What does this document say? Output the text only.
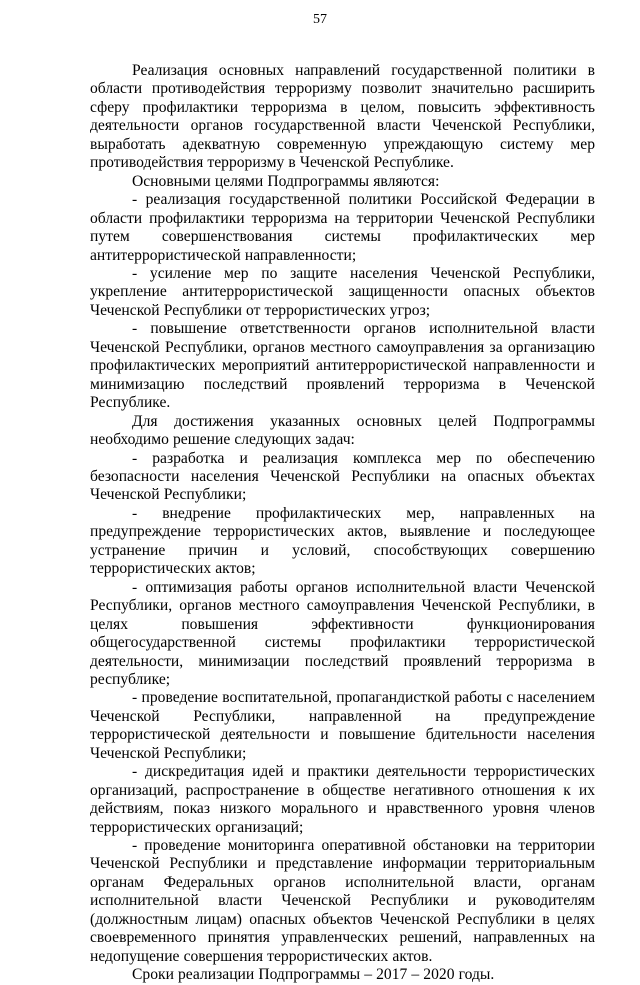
57

Реализация основных направлений государственной политики в области противодействия терроризму позволит значительно расширить сферу профилактики терроризма в целом, повысить эффективность деятельности органов государственной власти Чеченской Республики, выработать адекватную современную упреждающую систему мер противодействия терроризму в Чеченской Республике.

Основными целями Подпрограммы являются:

- реализация государственной политики Российской Федерации в области профилактики терроризма на территории Чеченской Республики путем совершенствования системы профилактических мер антитеррористической направленности;

- усиление мер по защите населения Чеченской Республики, укрепление антитеррористической защищенности опасных объектов Чеченской Республики от террористических угроз;

- повышение ответственности органов исполнительной власти Чеченской Республики, органов местного самоуправления за организацию профилактических мероприятий антитеррористической направленности и минимизацию последствий проявлений терроризма в Чеченской Республике.

Для достижения указанных основных целей Подпрограммы необходимо решение следующих задач:

- разработка и реализация комплекса мер по обеспечению безопасности населения Чеченской Республики на опасных объектах Чеченской Республики;

- внедрение профилактических мер, направленных на предупреждение террористических актов, выявление и последующее устранение причин и условий, способствующих совершению террористических актов;

- оптимизация работы органов исполнительной власти Чеченской Республики, органов местного самоуправления Чеченской Республики, в целях повышения эффективности функционирования общегосударственной системы профилактики террористической деятельности, минимизации последствий проявлений терроризма в республике;

- проведение воспитательной, пропагандисткой работы с населением Чеченской Республики, направленной на предупреждение террористической деятельности и повышение бдительности населения Чеченской Республики;

- дискредитация идей и практики деятельности террористических организаций, распространение в обществе негативного отношения к их действиям, показ низкого морального и нравственного уровня членов террористических организаций;

- проведение мониторинга оперативной обстановки на территории Чеченской Республики и представление информации территориальным органам Федеральных органов исполнительной власти, органам исполнительной власти Чеченской Республики и руководителям (должностным лицам) опасных объектов Чеченской Республики в целях своевременного принятия управленческих решений, направленных на недопущение совершения террористических актов.

Сроки реализации Подпрограммы – 2017 – 2020 годы.
